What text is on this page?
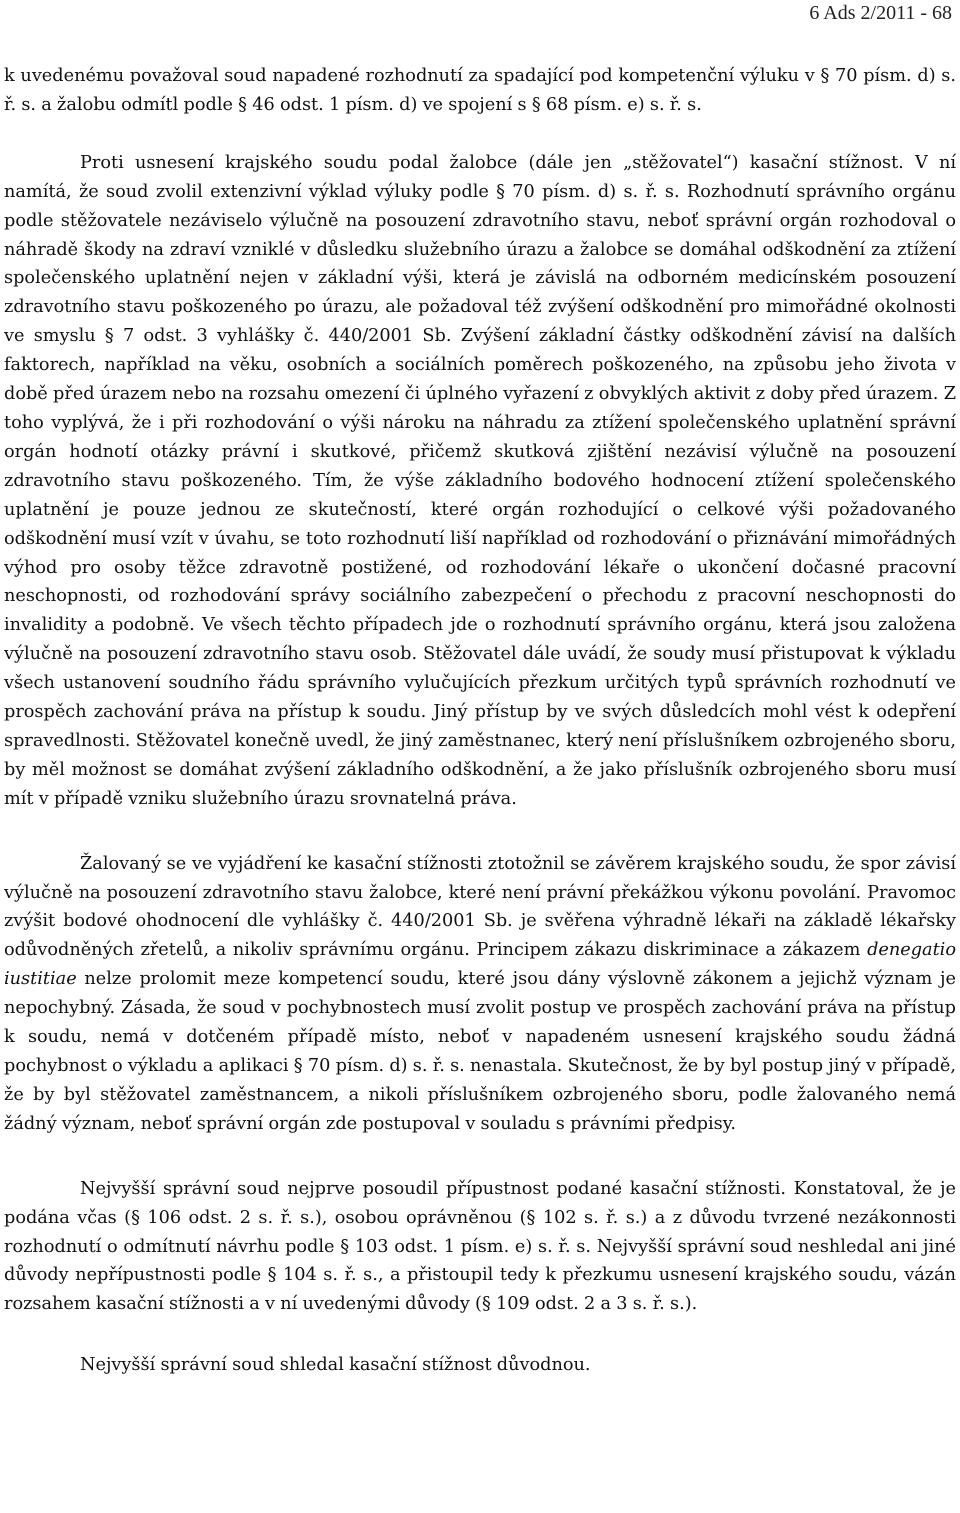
6 Ads 2/2011 - 68

k uvedenému považoval soud napadené rozhodnutí za spadající pod kompetenční výluku v § 70 písm. d) s. ř. s. a žalobu odmítl podle § 46 odst. 1 písm. d) ve spojení s § 68 písm. e) s. ř. s.

Proti usnesení krajského soudu podal žalobce (dále jen „stěžovatel“) kasační stížnost. V ní namítá, že soud zvolil extenzivní výklad výluky podle § 70 písm. d) s. ř. s. Rozhodnutí správního orgánu podle stěžovatele nezáviselo výlučně na posouzení zdravotního stavu, neboť správní orgán rozhodoval o náhradě škody na zdraví vzniklé v důsledku služebního úrazu a žalobce se domáhal odškodnění za ztížení společenského uplatnění nejen v základní výši, která je závislá na odborném medicínském posouzení zdravotního stavu poškozeného po úrazu, ale požadoval též zvýšení odškodnění pro mimořádné okolnosti ve smyslu § 7 odst. 3 vyhlášky č. 440/2001 Sb. Zvýšení základní částky odškodnění závisí na dalších faktorech, například na věku, osobních a sociálních poměrech poškozeného, na způsobu jeho života v době před úrazem nebo na rozsahu omezení či úplného vyřazení z obvyklých aktivit z doby před úrazem. Z toho vyplývá, že i při rozhodování o výši nároku na náhradu za ztížení společenského uplatnění správní orgán hodnotí otázky právní i skutkové, přičemž skutková zjištění nezávisí výlučně na posouzení zdravotního stavu poškozeného. Tím, že výše základního bodového hodnocení ztížení společenského uplatnění je pouze jednou ze skutečností, které orgán rozhodující o celkové výši požadovaného odškodnění musí vzít v úvahu, se toto rozhodnutí liší například od rozhodování o přiznávání mimořádných výhod pro osoby těžce zdravotně postižené, od rozhodování lékaře o ukončení dočasné pracovní neschopnosti, od rozhodování správy sociálního zabezpečení o přechodu z pracovní neschopnosti do invalidity a podobně. Ve všech těchto případech jde o rozhodnutí správního orgánu, která jsou založena výlučně na posouzení zdravotního stavu osob. Stěžovatel dále uvádí, že soudy musí přistupovat k výkladu všech ustanovení soudního řádu správního vylučujících přezkum určitých typů správních rozhodnutí ve prospěch zachování práva na přístup k soudu. Jiný přístup by ve svých důsledcích mohl vést k odepření spravedlnosti. Stěžovatel konečně uvedl, že jiný zaměstnanec, který není příslušníkem ozbrojeného sboru, by měl možnost se domáhat zvýšení základního odškodnění, a že jako příslušník ozbrojeného sboru musí mít v případě vzniku služebního úrazu srovnatelná práva.

Žalovaný se ve vyjádření ke kasační stížnosti ztotožnil se závěrem krajského soudu, že spor závisí výlučně na posouzení zdravotního stavu žalobce, které není právní překážkou výkonu povolání. Pravomoc zvýšit bodové ohodnocení dle vyhlášky č. 440/2001 Sb. je svěřena výhradně lékaři na základě lékařsky odůvodněných zřetelů, a nikoliv správnímu orgánu. Principem zákazu diskriminace a zákazem denegatio iustitiae nelze prolomit meze kompetencí soudu, které jsou dány výslovně zákonem a jejichž význam je nepochybný. Zásada, že soud v pochybnostech musí zvolit postup ve prospěch zachování práva na přístup k soudu, nemá v dotčeném případě místo, neboť v napadeném usnesení krajského soudu žádná pochybnost o výkladu a aplikaci § 70 písm. d) s. ř. s. nenastala. Skutečnost, že by byl postup jiný v případě, že by byl stěžovatel zaměstnancem, a nikoli příslušníkem ozbrojeného sboru, podle žalovaného nemá žádný význam, neboť správní orgán zde postupoval v souladu s právními předpisy.

Nejvyšší správní soud nejprve posoudil přípustnost podané kasační stížnosti. Konstatoval, že je podána včas (§ 106 odst. 2 s. ř. s.), osobou oprávněnou (§ 102 s. ř. s.) a z důvodu tvrzené nezákonnosti rozhodnutí o odmítnutí návrhu podle § 103 odst. 1 písm. e) s. ř. s. Nejvyšší správní soud neshledal ani jiné důvody nepřípustnosti podle § 104 s. ř. s., a přistoupil tedy k přezkumu usnesení krajského soudu, vázán rozsahem kasační stížnosti a v ní uvedenými důvody (§ 109 odst. 2 a 3 s. ř. s.).

Nejvyšší správní soud shledal kasační stížnost důvodnou.
